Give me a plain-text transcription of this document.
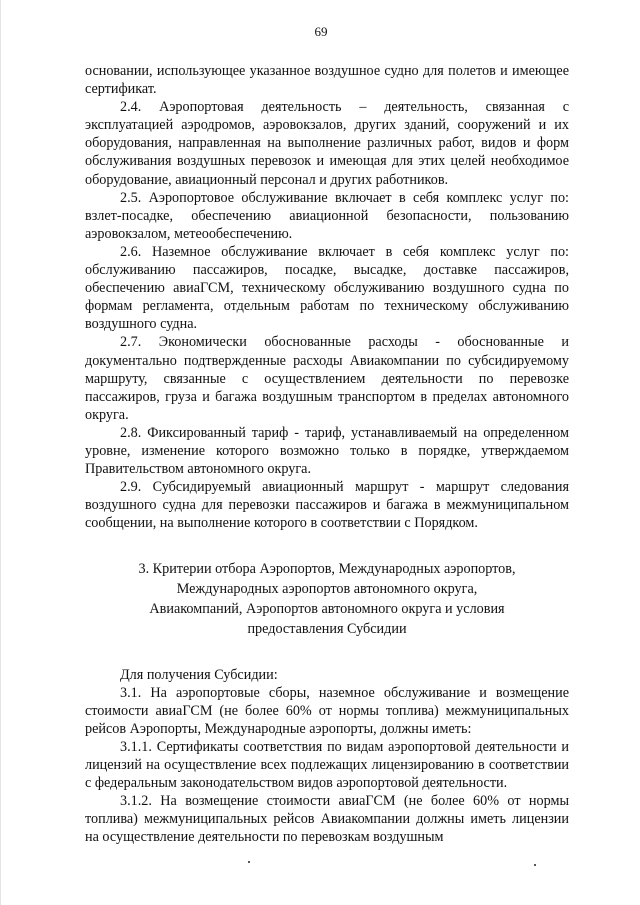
69

основании, использующее указанное воздушное судно для полетов и имеющее сертификат.

2.4. Аэропортовая деятельность – деятельность, связанная с эксплуатацией аэродромов, аэровокзалов, других зданий, сооружений и их оборудования, направленная на выполнение различных работ, видов и форм обслуживания воздушных перевозок и имеющая для этих целей необходимое оборудование, авиационный персонал и других работников.

2.5. Аэропортовое обслуживание включает в себя комплекс услуг по: взлет-посадке, обеспечению авиационной безопасности, пользованию аэровокзалом, метеообеспечению.

2.6. Наземное обслуживание включает в себя комплекс услуг по: обслуживанию пассажиров, посадке, высадке, доставке пассажиров, обеспечению авиаГСМ, техническому обслуживанию воздушного судна по формам регламента, отдельным работам по техническому обслуживанию воздушного судна.

2.7. Экономически обоснованные расходы - обоснованные и документально подтвержденные расходы Авиакомпании по субсидируемому маршруту, связанные с осуществлением деятельности по перевозке пассажиров, груза и багажа воздушным транспортом в пределах автономного округа.

2.8. Фиксированный тариф - тариф, устанавливаемый на определенном уровне, изменение которого возможно только в порядке, утверждаемом Правительством автономного округа.

2.9. Субсидируемый авиационный маршрут - маршрут следования воздушного судна для перевозки пассажиров и багажа в межмуниципальном сообщении, на выполнение которого в соответствии с Порядком.

3. Критерии отбора Аэропортов, Международных аэропортов,
Международных аэропортов автономного округа,
Авиакомпаний, Аэропортов автономного округа и условия
предоставления Субсидии

Для получения Субсидии:

3.1. На аэропортовые сборы, наземное обслуживание и возмещение стоимости авиаГСМ (не более 60% от нормы топлива) межмуниципальных рейсов Аэропорты, Международные аэропорты, должны иметь:

3.1.1. Сертификаты соответствия по видам аэропортовой деятельности и лицензий на осуществление всех подлежащих лицензированию в соответствии с федеральным законодательством видов аэропортовой деятельности.

3.1.2. На возмещение стоимости авиаГСМ (не более 60% от нормы топлива) межмуниципальных рейсов Авиакомпании должны иметь лицензии на осуществление деятельности по перевозкам воздушным
